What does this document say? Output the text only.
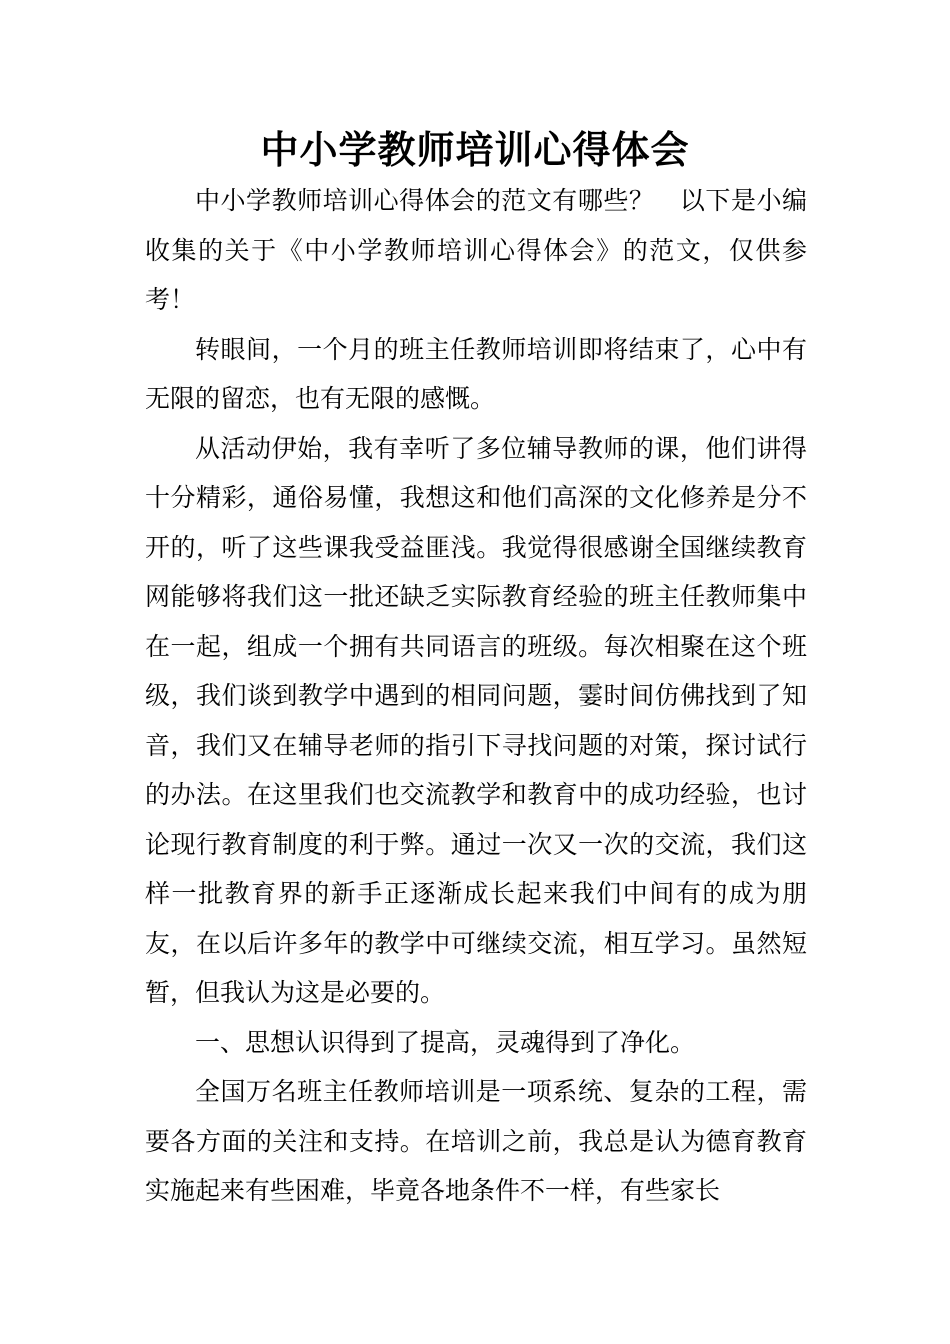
中小学教师培训心得体会

中小学教师培训心得体会的范文有哪些？　以下是小编收集的关于《中小学教师培训心得体会》的范文，仅供参考！

转眼间，一个月的班主任教师培训即将结束了，心中有无限的留恋，也有无限的感慨。

从活动伊始，我有幸听了多位辅导教师的课，他们讲得十分精彩，通俗易懂，我想这和他们高深的文化修养是分不开的，听了这些课我受益匪浅。我觉得很感谢全国继续教育网能够将我们这一批还缺乏实际教育经验的班主任教师集中在一起，组成一个拥有共同语言的班级。每次相聚在这个班级，我们谈到教学中遇到的相同问题，霎时间仿佛找到了知音，我们又在辅导老师的指引下寻找问题的对策，探讨试行的办法。在这里我们也交流教学和教育中的成功经验，也讨论现行教育制度的利于弊。通过一次又一次的交流，我们这样一批教育界的新手正逐渐成长起来我们中间有的成为朋友，在以后许多年的教学中可继续交流，相互学习。虽然短暂，但我认为这是必要的。

一、思想认识得到了提高，灵魂得到了净化。

全国万名班主任教师培训是一项系统、复杂的工程，需要各方面的关注和支持。在培训之前，我总是认为德育教育实施起来有些困难，毕竟各地条件不一样，有些家长
